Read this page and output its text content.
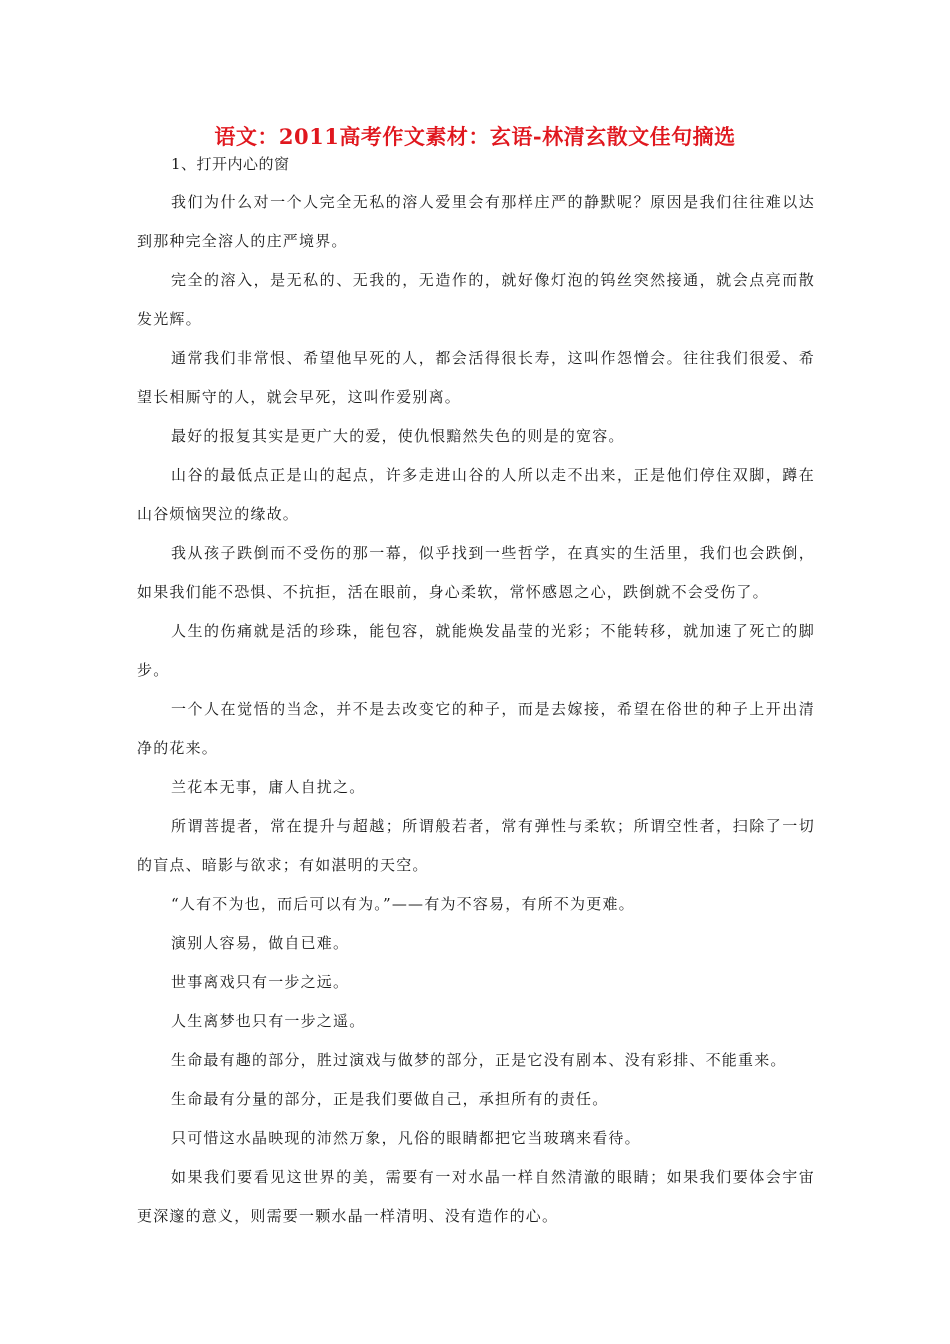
语文：2011高考作文素材：玄语-林清玄散文佳句摘选
1、打开内心的窗

我们为什么对一个人完全无私的溶人爱里会有那样庄严的静默呢？原因是我们往往难以达到那种完全溶人的庄严境界。

完全的溶入，是无私的、无我的，无造作的，就好像灯泡的钨丝突然接通，就会点亮而散发光辉。

通常我们非常恨、希望他早死的人，都会活得很长寿，这叫作怨憎会。往往我们很爱、希望长相厮守的人，就会早死，这叫作爱别离。

最好的报复其实是更广大的爱，使仇恨黯然失色的则是的宽容。

山谷的最低点正是山的起点，许多走进山谷的人所以走不出来，正是他们停住双脚，蹲在山谷烦恼哭泣的缘故。

我从孩子跌倒而不受伤的那一幕，似乎找到一些哲学，在真实的生活里，我们也会跌倒，如果我们能不恐惧、不抗拒，活在眼前，身心柔软，常怀感恩之心，跌倒就不会受伤了。

人生的伤痛就是活的珍珠，能包容，就能焕发晶莹的光彩；不能转移，就加速了死亡的脚步。

一个人在觉悟的当念，并不是去改变它的种子，而是去嫁接，希望在俗世的种子上开出清净的花来。

兰花本无事，庸人自扰之。

所谓菩提者，常在提升与超越；所谓般若者，常有弹性与柔软；所谓空性者，扫除了一切的盲点、暗影与欲求；有如湛明的天空。

“人有不为也，而后可以有为。”——有为不容易，有所不为更难。

演别人容易，做自已难。

世事离戏只有一步之远。

人生离梦也只有一步之遥。

生命最有趣的部分，胜过演戏与做梦的部分，正是它没有剧本、没有彩排、不能重来。

生命最有分量的部分，正是我们要做自己，承担所有的责任。

只可惜这水晶映现的沛然万象，凡俗的眼睛都把它当玻璃来看待。

如果我们要看见这世界的美，需要有一对水晶一样自然清澈的眼睛；如果我们要体会宇宙更深邃的意义，则需要一颗水晶一样清明、没有造作的心。
